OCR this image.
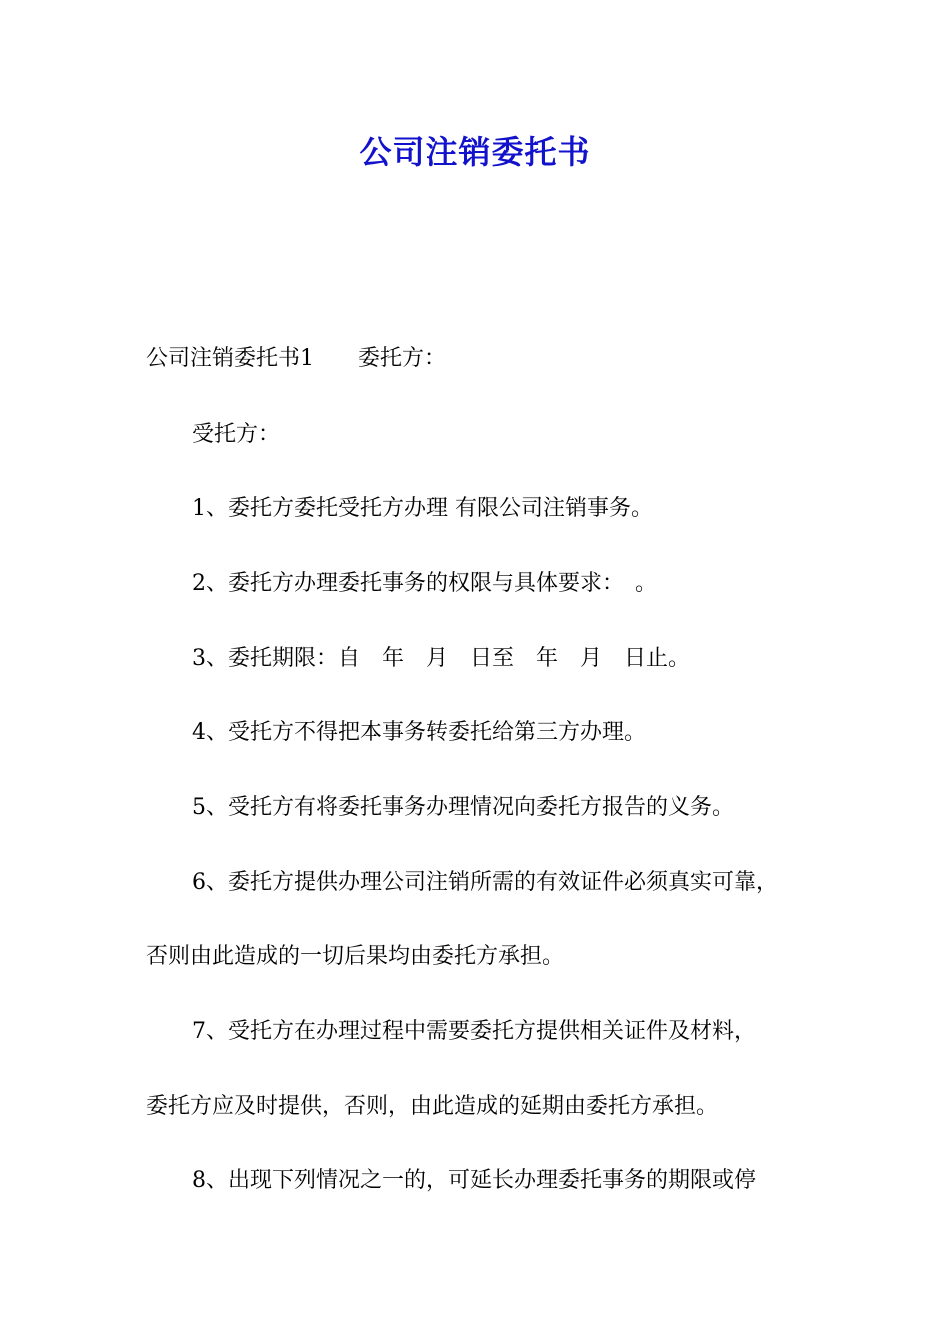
公司注销委托书
公司注销委托书1　　委托方：
受托方：
1、委托方委托受托方办理 有限公司注销事务。
2、委托方办理委托事务的权限与具体要求：　。
3、委托期限：自　年　月　日至　年　月　日止。
4、受托方不得把本事务转委托给第三方办理。
5、受托方有将委托事务办理情况向委托方报告的义务。
6、委托方提供办理公司注销所需的有效证件必须真实可靠，
否则由此造成的一切后果均由委托方承担。
7、受托方在办理过程中需要委托方提供相关证件及材料，
委托方应及时提供，否则，由此造成的延期由委托方承担。
8、出现下列情况之一的，可延长办理委托事务的期限或停
